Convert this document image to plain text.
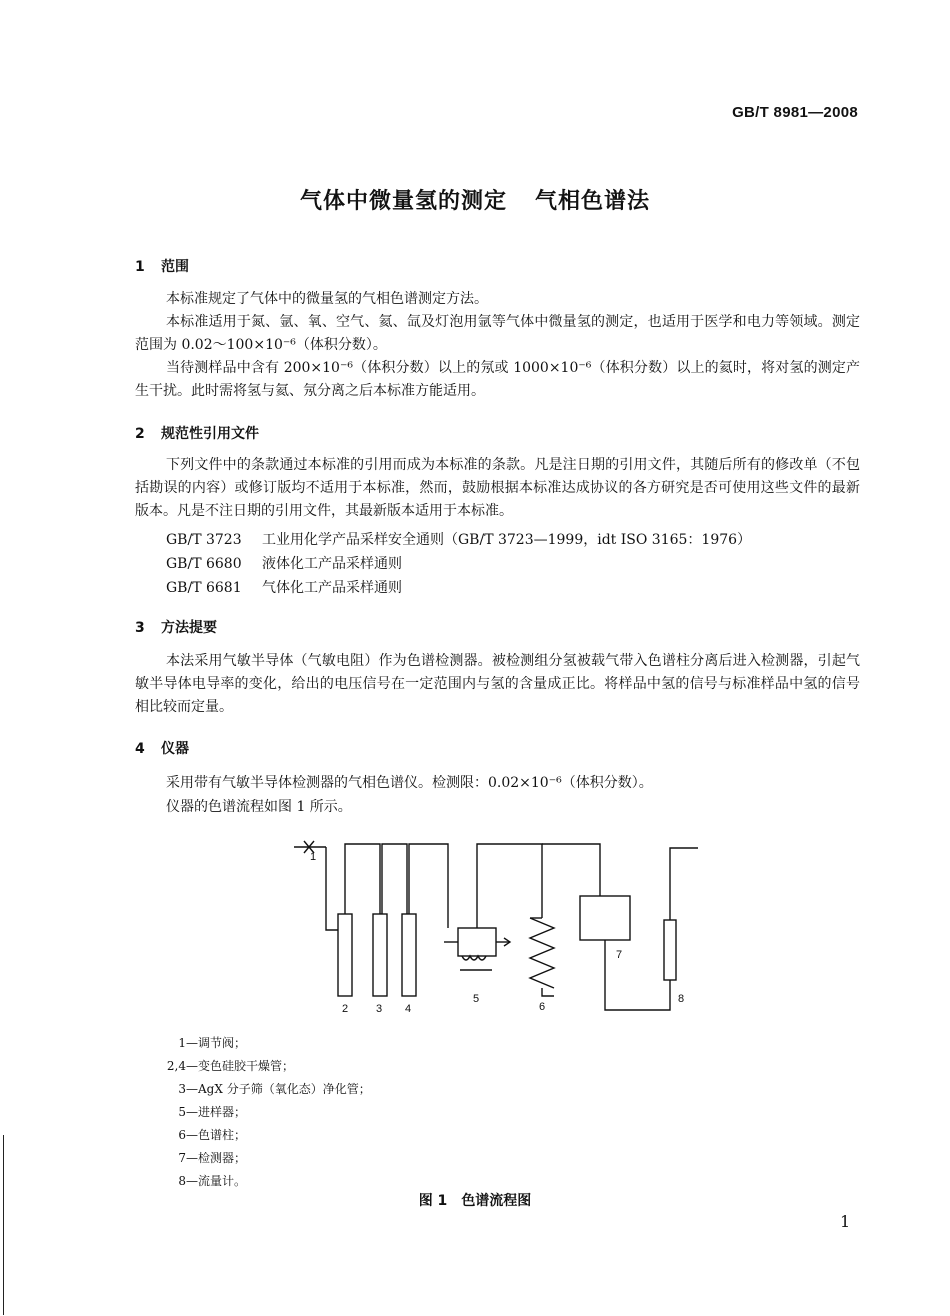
GB/T 8981—2008
气体中微量氢的测定 气相色谱法
1 范围
本标准规定了气体中的微量氢的气相色谱测定方法。
本标准适用于氮、氩、氧、空气、氦、氙及灯泡用氩等气体中微量氢的测定，也适用于医学和电力等领域。测定范围为 0.02～100×10⁻⁶（体积分数）。
当待测样品中含有 200×10⁻⁶（体积分数）以上的氖或 1000×10⁻⁶（体积分数）以上的氦时，将对氢的测定产生干扰。此时需将氢与氦、氖分离之后本标准方能适用。
2 规范性引用文件
下列文件中的条款通过本标准的引用而成为本标准的条款。凡是注日期的引用文件，其随后所有的修改单（不包括勘误的内容）或修订版均不适用于本标准，然而，鼓励根据本标准达成协议的各方研究是否可使用这些文件的最新版本。凡是不注日期的引用文件，其最新版本适用于本标准。
GB/T 3723 工业用化学产品采样安全通则（GB/T 3723—1999，idt ISO 3165：1976）
GB/T 6680 液体化工产品采样通则
GB/T 6681 气体化工产品采样通则
3 方法提要
本法采用气敏半导体（气敏电阻）作为色谱检测器。被检测组分氢被载气带入色谱柱分离后进入检测器，引起气敏半导体电导率的变化，给出的电压信号在一定范围内与氢的含量成正比。将样品中氢的信号与标准样品中氢的信号相比较而定量。
4 仪器
采用带有气敏半导体检测器的气相色谱仪。检测限：0.02×10⁻⁶（体积分数）。
仪器的色谱流程如图 1 所示。
1
2	3 4
5
6
7
8
1—调节阀；
2,4—变色硅胶干燥管；
3—AgX 分子筛（氧化态）净化管；
5—进样器；
6—色谱柱；
7—检测器；
8—流量计。
图 1 色谱流程图
1
